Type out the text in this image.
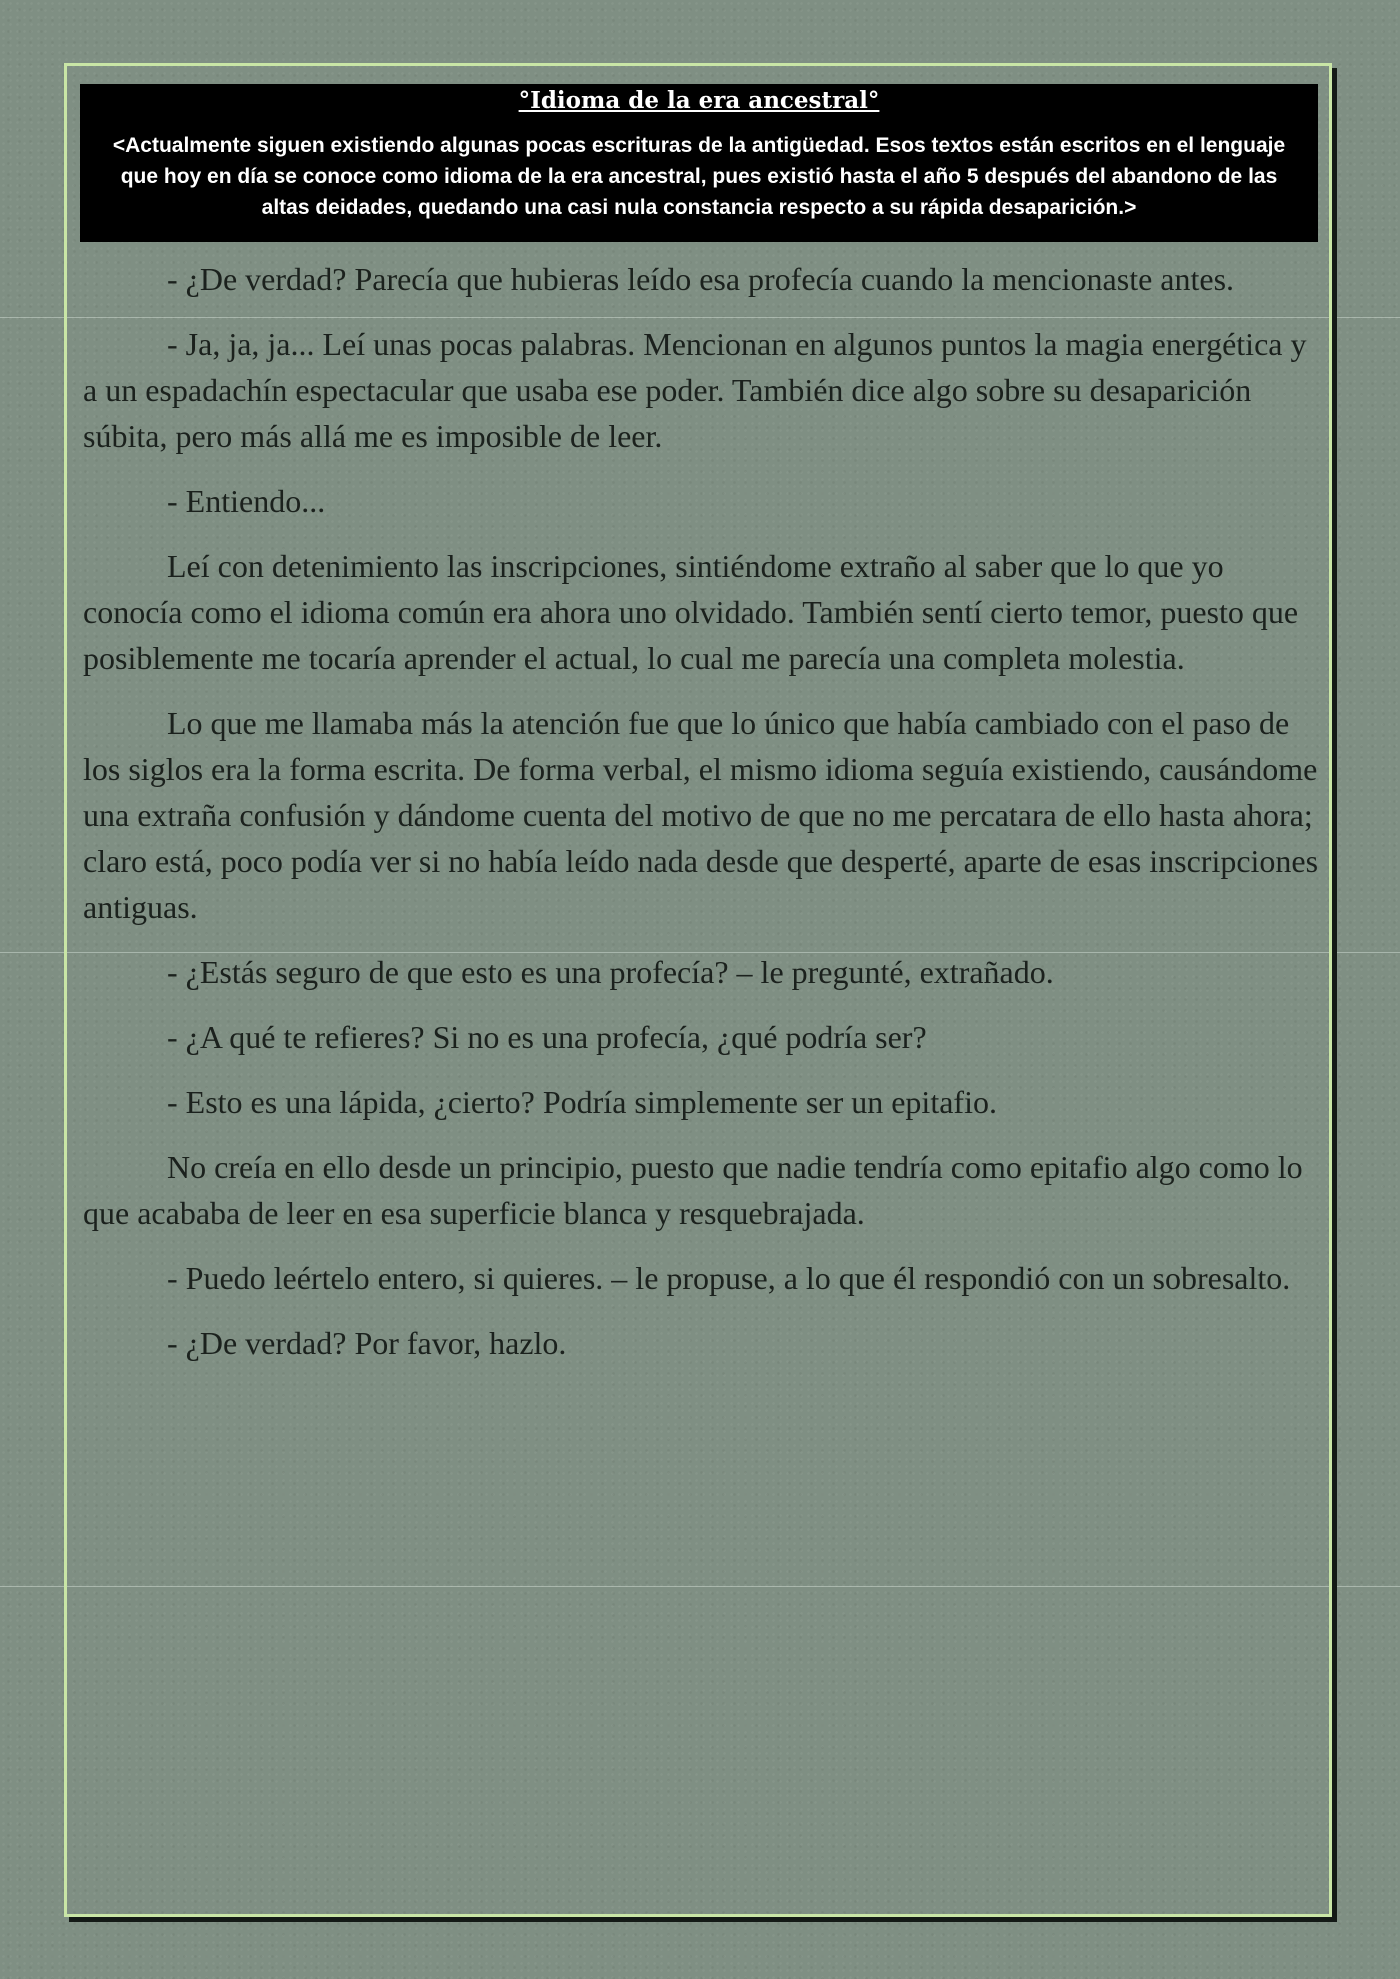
°Idioma de la era ancestral°

<Actualmente siguen existiendo algunas pocas escrituras de la antigüedad. Esos textos están escritos en el lenguaje que hoy en día se conoce como idioma de la era ancestral, pues existió hasta el año 5 después del abandono de las altas deidades, quedando una casi nula constancia respecto a su rápida desaparición.>

- ¿De verdad? Parecía que hubieras leído esa profecía cuando la mencionaste antes.

- Ja, ja, ja... Leí unas pocas palabras. Mencionan en algunos puntos la magia energética y a un espadachín espectacular que usaba ese poder. También dice algo sobre su desaparición súbita, pero más allá me es imposible de leer.

- Entiendo...

Leí con detenimiento las inscripciones, sintiéndome extraño al saber que lo que yo conocía como el idioma común era ahora uno olvidado. También sentí cierto temor, puesto que posiblemente me tocaría aprender el actual, lo cual me parecía una completa molestia.

Lo que me llamaba más la atención fue que lo único que había cambiado con el paso de los siglos era la forma escrita. De forma verbal, el mismo idioma seguía existiendo, causándome una extraña confusión y dándome cuenta del motivo de que no me percatara de ello hasta ahora; claro está, poco podía ver si no había leído nada desde que desperté, aparte de esas inscripciones antiguas.

- ¿Estás seguro de que esto es una profecía? – le pregunté, extrañado.

- ¿A qué te refieres? Si no es una profecía, ¿qué podría ser?

- Esto es una lápida, ¿cierto? Podría simplemente ser un epitafio.

No creía en ello desde un principio, puesto que nadie tendría como epitafio algo como lo que acababa de leer en esa superficie blanca y resquebrajada.

- Puedo leértelo entero, si quieres. – le propuse, a lo que él respondió con un sobresalto.

- ¿De verdad? Por favor, hazlo.
